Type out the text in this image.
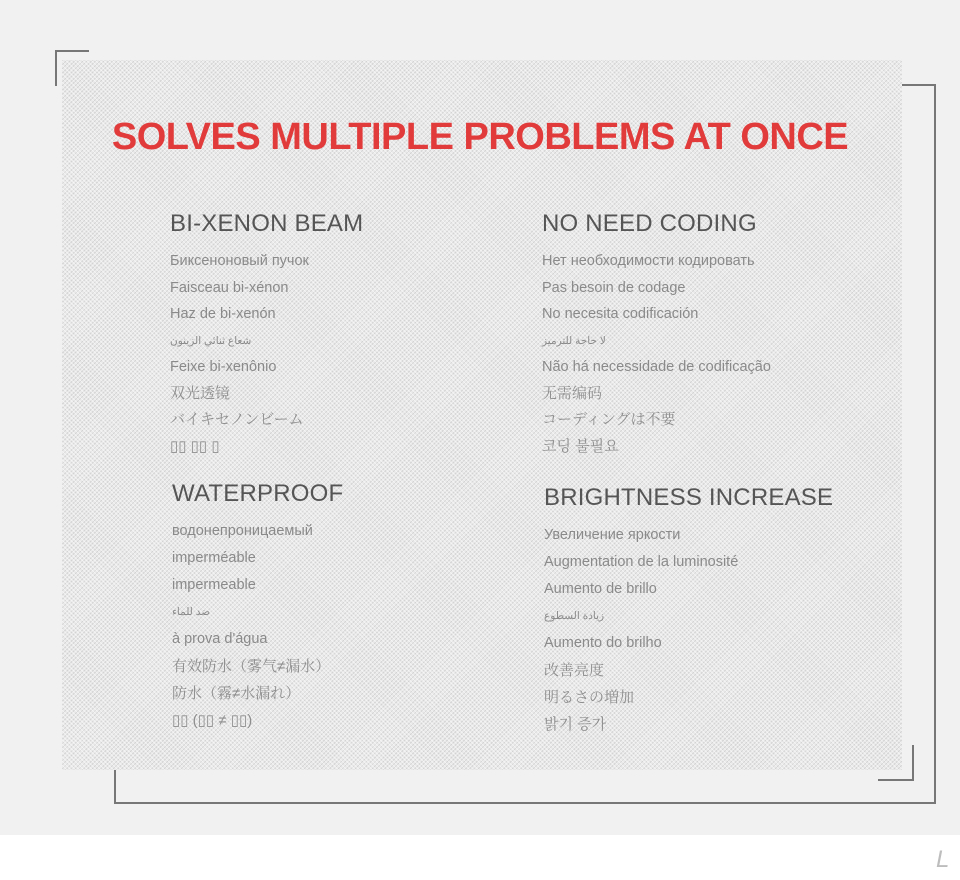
SOLVES MULTIPLE PROBLEMS AT ONCE
BI-XENON BEAM
Биксеноновый пучок
Faisceau bi-xénon
Haz de bi-xenón
شعاع ثنائي الزينون
Feixe bi-xenônio
双光透镜
バイキセノンビーム
▯▯ ▯▯ ▯
NO NEED CODING
Нет необходимости кодировать
Pas besoin de codage
No necesita codificación
لا حاجة للترميز
Não há necessidade de codificação
无需编码
コーディングは不要
코딩 불필요
WATERPROOF
водонепроницаемый
imperméable
impermeable
ضد للماء
à prova d'água
有效防水（雾气≠漏水）
防水（霧≠水漏れ）
▯▯ (▯▯ ≠ ▯▯)
BRIGHTNESS INCREASE
Увеличение яркости
Augmentation de la luminosité
Aumento de brillo
زيادة السطوع
Aumento do brilho
改善亮度
明るさの増加
밝기 증가
L
